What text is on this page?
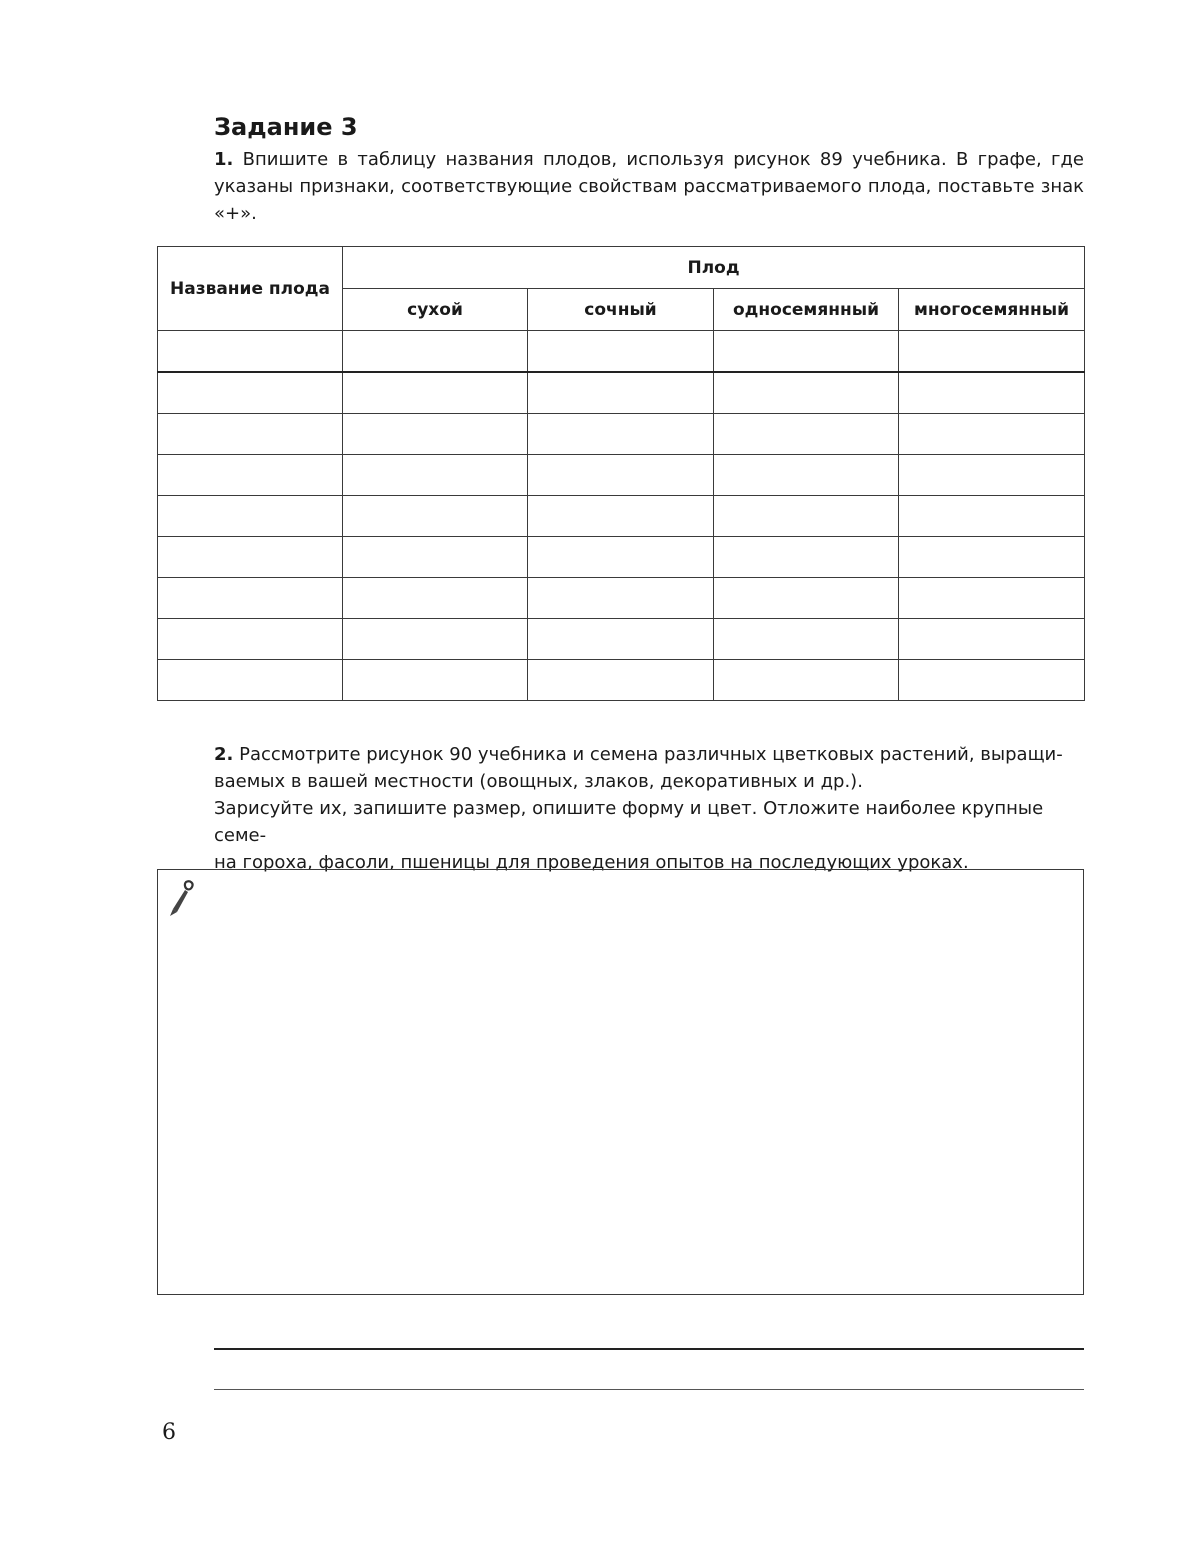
Задание 3

1. Впишите в таблицу названия плодов, используя рисунок 89 учебника. В графе, где указаны признаки, соответствующие свойствам рассматриваемого плода, поставьте знак «+».

Название плода	Плод			
	сухой	сочный	односемянный	многосемянный

2. Рассмотрите рисунок 90 учебника и семена различных цветковых растений, выращи-
ваемых в вашей местности (овощных, злаков, декоративных и др.).
Зарисуйте их, запишите размер, опишите форму и цвет. Отложите наиболее крупные семе-
на гороха, фасоли, пшеницы для проведения опытов на последующих уроках.

6
